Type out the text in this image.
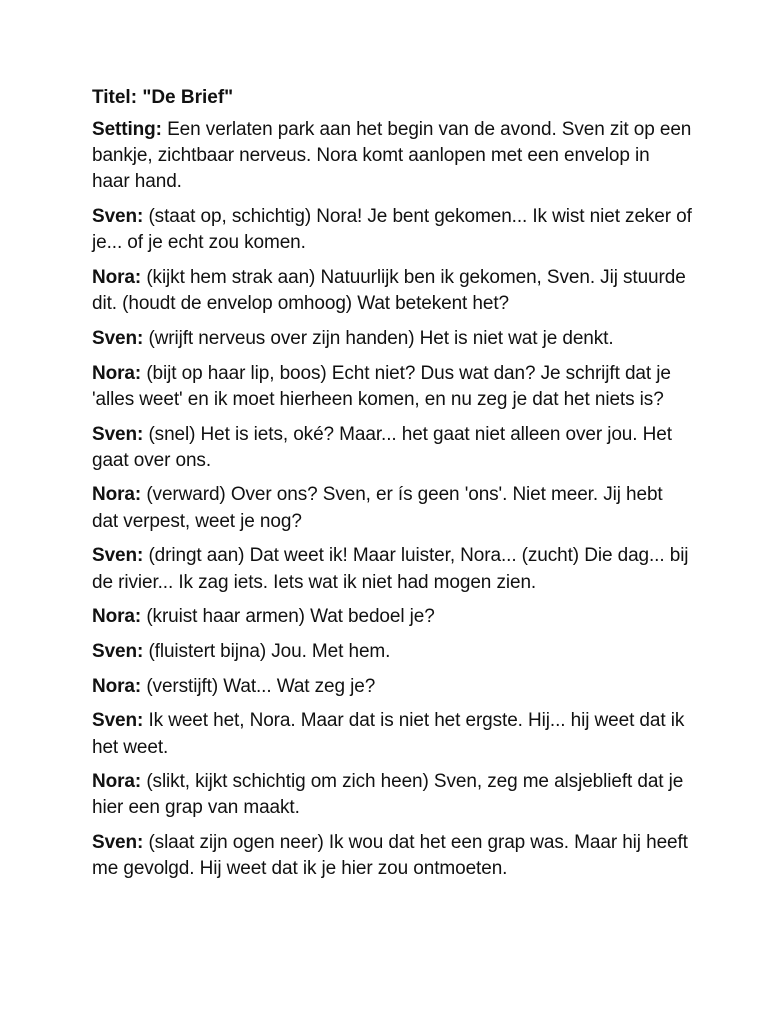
Titel: "De Brief"

Setting: Een verlaten park aan het begin van de avond. Sven zit op een bankje, zichtbaar nerveus. Nora komt aanlopen met een envelop in haar hand.

Sven: (staat op, schichtig) Nora! Je bent gekomen... Ik wist niet zeker of je... of je echt zou komen.

Nora: (kijkt hem strak aan) Natuurlijk ben ik gekomen, Sven. Jij stuurde dit. (houdt de envelop omhoog) Wat betekent het?

Sven: (wrijft nerveus over zijn handen) Het is niet wat je denkt.

Nora: (bijt op haar lip, boos) Echt niet? Dus wat dan? Je schrijft dat je 'alles weet' en ik moet hierheen komen, en nu zeg je dat het niets is?

Sven: (snel) Het is iets, oké? Maar... het gaat niet alleen over jou. Het gaat over ons.

Nora: (verward) Over ons? Sven, er ís geen 'ons'. Niet meer. Jij hebt dat verpest, weet je nog?

Sven: (dringt aan) Dat weet ik! Maar luister, Nora... (zucht) Die dag... bij de rivier... Ik zag iets. Iets wat ik niet had mogen zien.

Nora: (kruist haar armen) Wat bedoel je?

Sven: (fluistert bijna) Jou. Met hem.

Nora: (verstijft) Wat... Wat zeg je?

Sven: Ik weet het, Nora. Maar dat is niet het ergste. Hij... hij weet dat ik het weet.

Nora: (slikt, kijkt schichtig om zich heen) Sven, zeg me alsjeblieft dat je hier een grap van maakt.

Sven: (slaat zijn ogen neer) Ik wou dat het een grap was. Maar hij heeft me gevolgd. Hij weet dat ik je hier zou ontmoeten.
